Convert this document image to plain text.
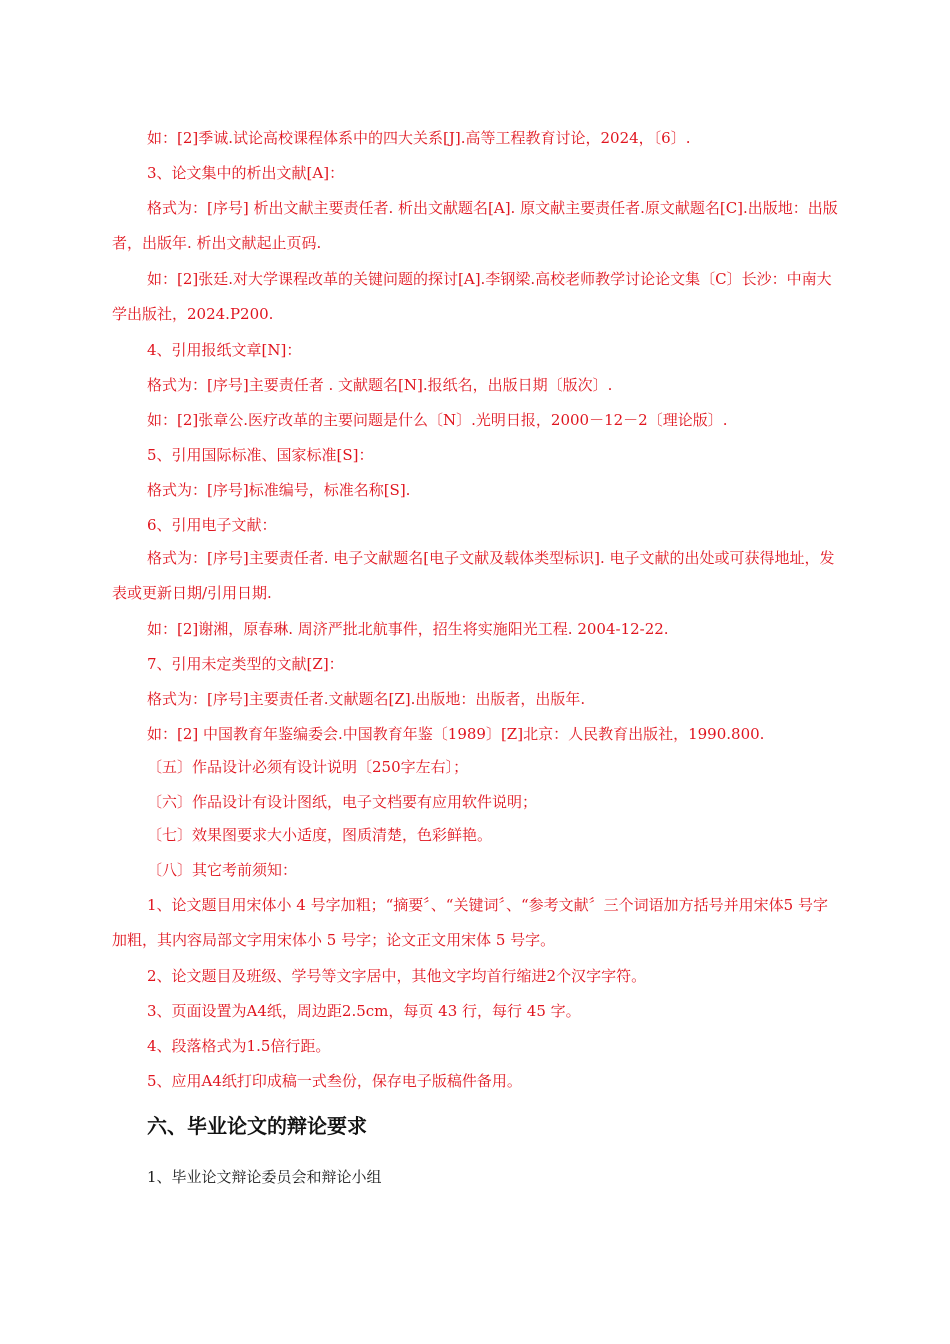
如：[2]季诚.试论高校课程体系中的四大关系[J].高等工程教育讨论，2024，〔6〕.

3、论文集中的析出文献[A]：

格式为：[序号] 析出文献主要责任者. 析出文献题名[A]. 原文献主要责任者.原文献题名[C].出版地：出版者，出版年. 析出文献起止页码.

如：[2]张廷.对大学课程改革的关键问题的探讨[A].李钢梁.高校老师教学讨论论文集〔C〕长沙：中南大学出版社，2024.P200.

4、引用报纸文章[N]：

格式为：[序号]主要责任者 . 文献题名[N].报纸名，出版日期〔版次〕.

如：[2]张章公.医疗改革的主要问题是什么〔N〕.光明日报，2000－12－2〔理论版〕.

5、引用国际标准、国家标准[S]：

格式为：[序号]标准编号，标准名称[S].

6、引用电子文献：

格式为：[序号]主要责任者. 电子文献题名[电子文献及载体类型标识]. 电子文献的出处或可获得地址，发表或更新日期/引用日期.

如：[2]谢湘，原春琳. 周济严批北航事件，招生将实施阳光工程. 2004-12-22.

7、引用未定类型的文献[Z]：

格式为：[序号]主要责任者.文献题名[Z].出版地：出版者，出版年.

如：[2] 中国教育年鉴编委会.中国教育年鉴〔1989〕[Z]北京：人民教育出版社，1990.800.

〔五〕作品设计必须有设计说明〔250字左右〕；

〔六〕作品设计有设计图纸，电子文档要有应用软件说明；

〔七〕效果图要求大小适度，图质清楚，色彩鲜艳。

〔八〕其它考前须知：

1、论文题目用宋体小 4 号字加粗；“摘要〞、“关键词〞、“参考文献〞三个词语加方括号并用宋体5 号字加粗，其内容局部文字用宋体小 5 号字；论文正文用宋体 5 号字。

2、论文题目及班级、学号等文字居中，其他文字均首行缩进2个汉字字符。

3、页面设置为A4纸，周边距2.5cm，每页 43 行，每行 45 字。

4、段落格式为1.5倍行距。

5、应用A4纸打印成稿一式叁份，保存电子版稿件备用。

六、毕业论文的辩论要求

1、毕业论文辩论委员会和辩论小组
